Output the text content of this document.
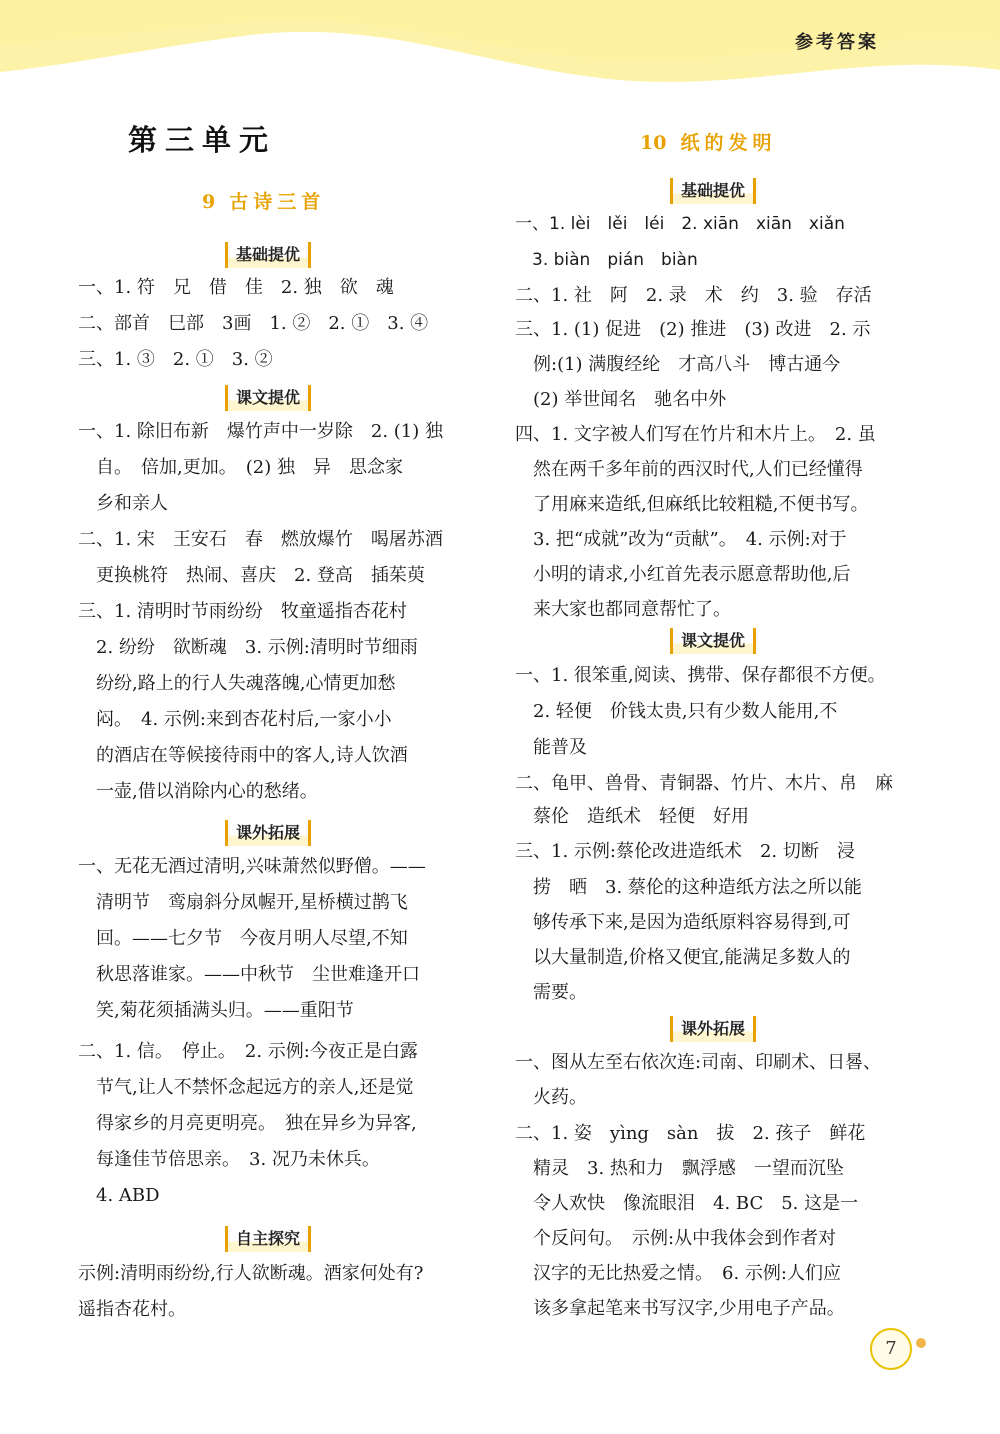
参考答案
第三单元
9 古诗三首
10 纸的发明
基础提优
一、1. 符　兄　借　佳　2. 独　欲　魂
二、部首　巳部　3画　1. ②　2. ①　3. ④
三、1. ③　2. ①　3. ②
课文提优
一、1. 除旧布新　爆竹声中一岁除　2. (1) 独
　自。　倍加,更加。　(2) 独　异　思念家
　乡和亲人
二、1. 宋　王安石　春　燃放爆竹　喝屠苏酒
　更换桃符　热闹、喜庆　2. 登高　插茱萸
三、1. 清明时节雨纷纷　牧童遥指杏花村
　2. 纷纷　欲断魂　3. 示例:清明时节细雨
　纷纷,路上的行人失魂落魄,心情更加愁
　闷。　4. 示例:来到杏花村后,一家小小
　的酒店在等候接待雨中的客人,诗人饮酒
　一壶,借以消除内心的愁绪。
课外拓展
一、无花无酒过清明,兴味萧然似野僧。——
　清明节　鸾扇斜分凤幄开,星桥横过鹊飞
　回。——七夕节　今夜月明人尽望,不知
　秋思落谁家。——中秋节　尘世难逢开口
　笑,菊花须插满头归。——重阳节
二、1. 信。　停止。　2. 示例:今夜正是白露
　节气,让人不禁怀念起远方的亲人,还是觉
　得家乡的月亮更明亮。　独在异乡为异客,
　每逢佳节倍思亲。　3. 况乃未休兵。
　4. ABD
自主探究
示例:清明雨纷纷,行人欲断魂。酒家何处有?
遥指杏花村。
基础提优
一、1. lèi　lěi　léi　2. xiān　xiān　xiǎn
　3. biàn　pián　biàn
二、1. 社　阿　2. 录　术　约　3. 验　存活
三、1. (1) 促进　(2) 推进　(3) 改进　2. 示
　例:(1) 满腹经纶　才高八斗　博古通今
　(2) 举世闻名　驰名中外
四、1. 文字被人们写在竹片和木片上。　2. 虽
　然在两千多年前的西汉时代,人们已经懂得
　了用麻来造纸,但麻纸比较粗糙,不便书写。
　3. 把“成就”改为“贡献”。　4. 示例:对于
　小明的请求,小红首先表示愿意帮助他,后
　来大家也都同意帮忙了。
课文提优
一、1. 很笨重,阅读、携带、保存都很不方便。
　2. 轻便　价钱太贵,只有少数人能用,不
　能普及
二、龟甲、兽骨、青铜器、竹片、木片、帛　麻
　蔡伦　造纸术　轻便　好用
三、1. 示例:蔡伦改进造纸术　2. 切断　浸
　捞　晒　3. 蔡伦的这种造纸方法之所以能
　够传承下来,是因为造纸原料容易得到,可
　以大量制造,价格又便宜,能满足多数人的
　需要。
课外拓展
一、图从左至右依次连:司南、印刷术、日晷、
　火药。
二、1. 姿　yìng　sàn　拔　2. 孩子　鲜花
　精灵　3. 热和力　飘浮感　一望而沉坠
　令人欢快　像流眼泪　4. BC　5. 这是一
　个反问句。　示例:从中我体会到作者对
　汉字的无比热爱之情。　6. 示例:人们应
　该多拿起笔来书写汉字,少用电子产品。
7
